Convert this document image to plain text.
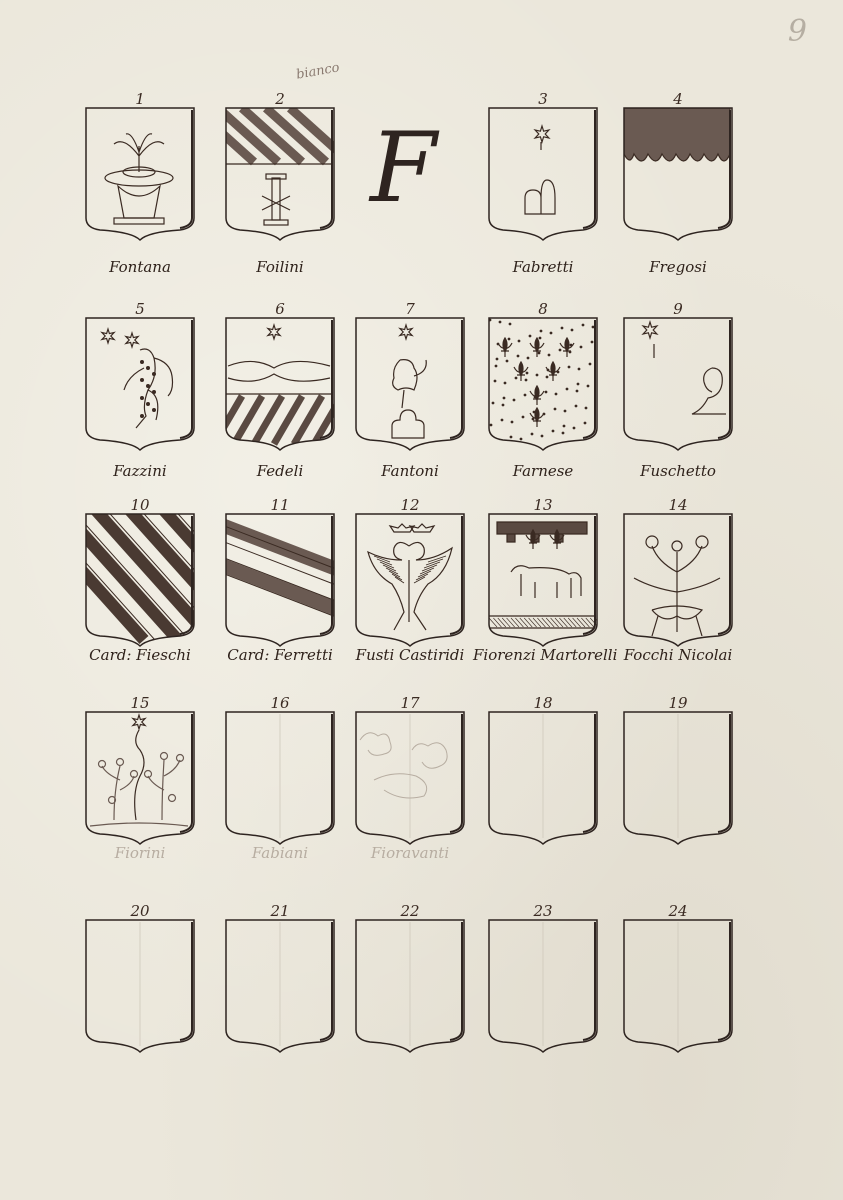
9
bianco
F
1
Fontana
2
Foilini
3
Fabretti
4
Fregosi
5
Fazzini
6
Fedeli
7
Fantoni
8
Farnese
9
Fuschetto
10
Card: Fieschi
11
Card: Ferretti
12
Fusti Castiridi
13
Fiorenzi Martorelli
14
Focchi Nicolai
15
Fiorini
16
Fabiani
17
Fioravanti
18	19
20	21	22	23	24
